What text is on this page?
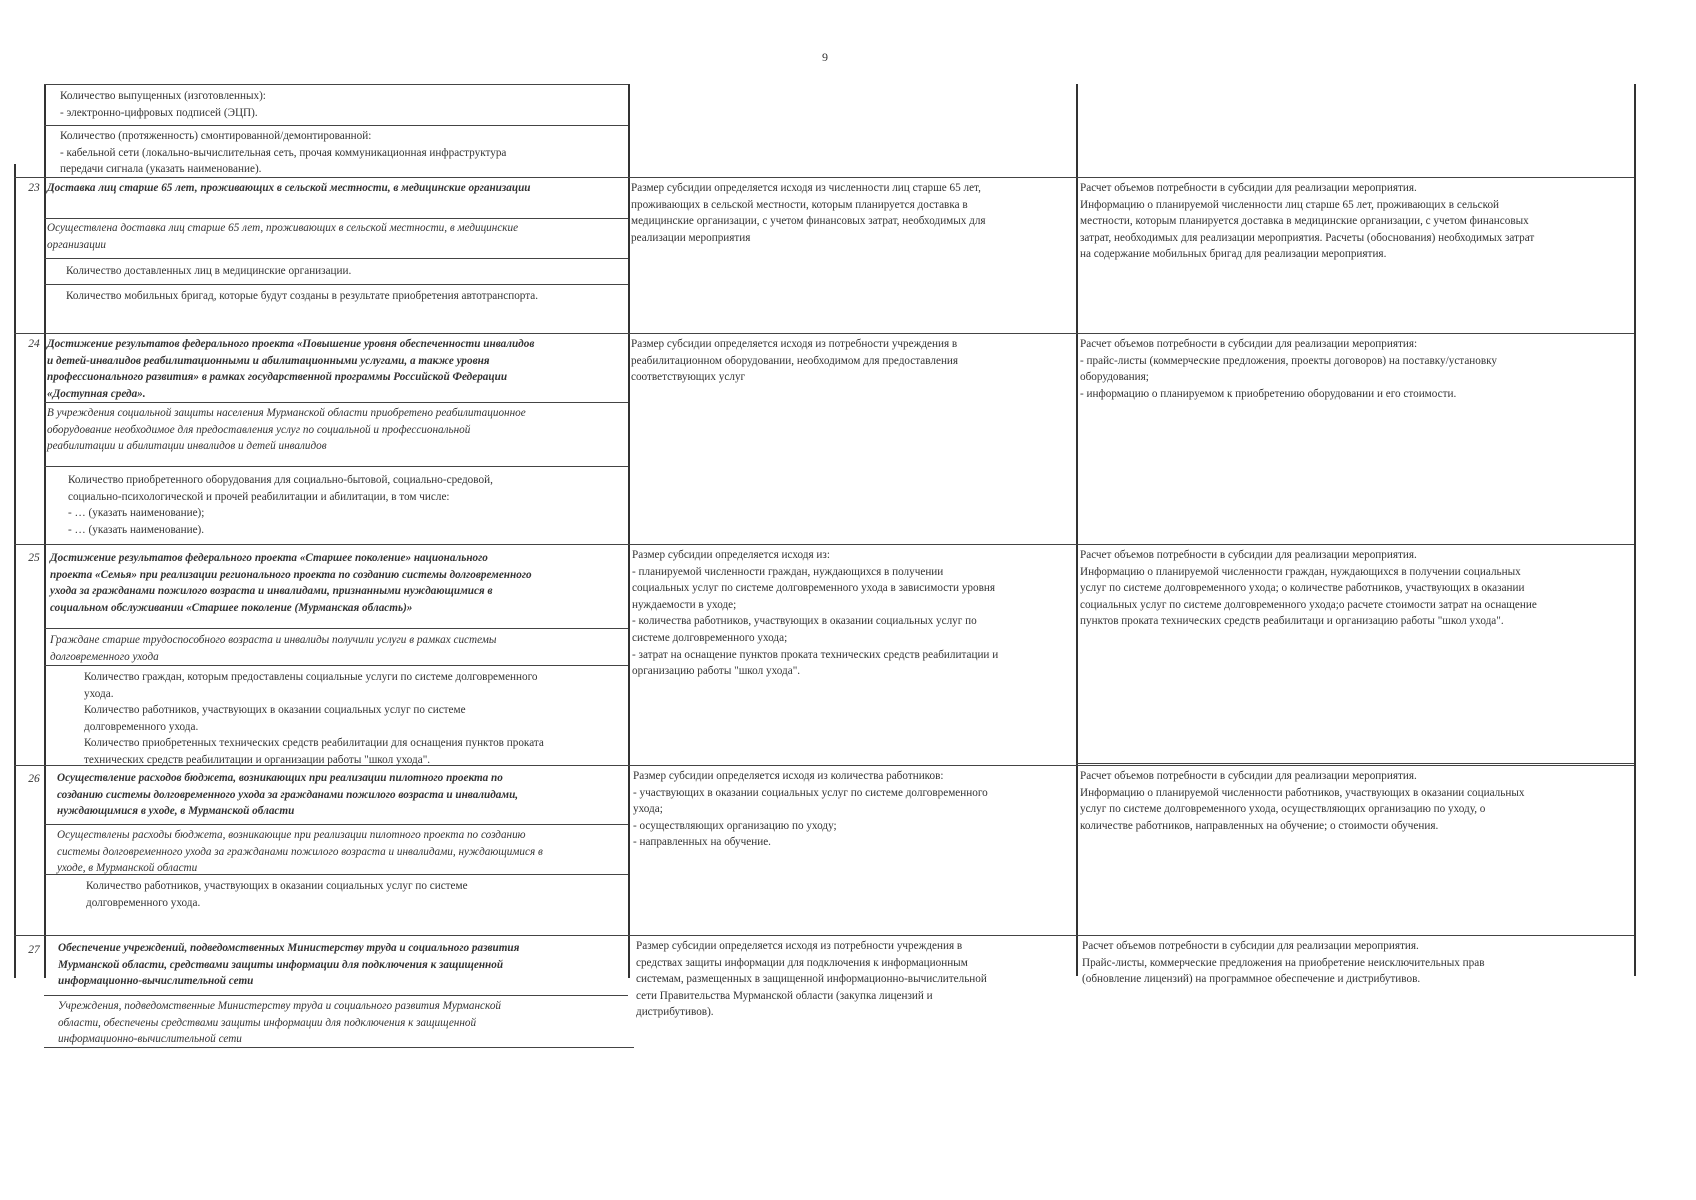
9
Количество выпущенных (изготовленных):
- электронно-цифровых подписей (ЭЦП).
Количество (протяженность) смонтированной/демонтированной:
- кабельной сети (локально-вычислительная сеть, прочая коммуникационная инфраструктура
передачи сигнала (указать наименование).
23 Доставка лиц старше 65 лет, проживающих в сельской местности, в медицинские организации
Осуществлена доставка лиц старше 65 лет, проживающих в сельской местности, в медицинские
организации
Количество доставленных лиц в медицинские организации.
Количество мобильных бригад, которые будут созданы в результате приобретения автотранспорта.
Размер субсидии определяется исходя из численности лиц старше 65 лет,
проживающих в сельской местности, которым планируется доставка в
медицинские организации, с учетом финансовых затрат, необходимых для
реализации мероприятия
Расчет объемов потребности в субсидии для реализации мероприятия.
Информацию о планируемой численности лиц старше 65 лет, проживающих в сельской
местности, которым планируется доставка в медицинские организации, с учетом финансовых
затрат, необходимых для реализации мероприятия. Расчеты (обоснования) необходимых затрат
на содержание мобильных бригад для реализации мероприятия.
24 Достижение результатов федерального проекта «Повышение уровня обеспеченности инвалидов
и детей-инвалидов реабилитационными и абилитационными услугами, а также уровня
профессионального развития» в рамках государственной программы Российской Федерации
«Доступная среда».
В учреждения социальной защиты населения Мурманской области приобретено реабилитационное
оборудование необходимое для предоставления услуг по социальной и профессиональной
реабилитации и абилитации инвалидов и детей инвалидов
Количество приобретенного оборудования для социально-бытовой, социально-средовой,
социально-психологической и прочей реабилитации и абилитации, в том числе:
- … (указать наименование);
- … (указать наименование).
Размер субсидии определяется исходя из потребности учреждения в
реабилитационном оборудовании, необходимом для предоставления
соответствующих услуг
Расчет объемов потребности в субсидии для реализации мероприятия:
- прайс-листы (коммерческие предложения, проекты договоров) на поставку/установку
оборудования;
- информацию о планируемом к приобретению оборудовании и его стоимости.
25 Достижение результатов федерального проекта «Старшее поколение» национального
проекта «Семья» при реализации регионального проекта по созданию системы долговременного
ухода за гражданами пожилого возраста и инвалидами, признанными нуждающимися в
социальном обслуживании «Старшее поколение (Мурманская область)»
Граждане старше трудоспособного возраста и инвалиды получили услуги в рамках системы
долговременного ухода
Количество граждан, которым предоставлены социальные услуги по системе долговременного
ухода.
Количество работников, участвующих в оказании социальных услуг по системе
долговременного ухода.
Количество приобретенных технических средств реабилитации для оснащения пунктов проката
технических средств реабилитации и организации работы "школ ухода".
Размер субсидии определяется исходя из:
- планируемой численности граждан, нуждающихся в получении
социальных услуг по системе долговременного ухода в зависимости уровня
нуждаемости в уходе;
- количества работников, участвующих в оказании социальных услуг по
системе долговременного ухода;
- затрат на оснащение пунктов проката технических средств реабилитации и
организацию работы "школ ухода".
Расчет объемов потребности в субсидии для реализации мероприятия.
Информацию о планируемой численности граждан, нуждающихся в получении социальных
услуг по системе долговременного ухода; о количестве работников, участвующих в оказании
социальных услуг по системе долговременного ухода;о расчете стоимости затрат на оснащение
пунктов проката технических средств реабилитаци и организацию работы "школ ухода".
26	Осуществление расходов бюджета, возникающих при реализации пилотного проекта по
созданию системы долговременного ухода за гражданами пожилого возраста и инвалидами,
нуждающимися в уходе, в Мурманской области
Осуществлены расходы бюджета, возникающие при реализации пилотного проекта по созданию
системы долговременного ухода за гражданами пожилого возраста и инвалидами, нуждающимися в
уходе, в Мурманской области
Количество работников, участвующих в оказании социальных услуг по системе
долговременного ухода.
Размер субсидии определяется исходя из количества работников:
- участвующих в оказании социальных услуг по системе долговременного
ухода;
- осуществляющих организацию по уходу;
- направленных на обучение.
Расчет объемов потребности в субсидии для реализации мероприятия.
Информацию о планируемой численности работников, участвующих в оказании социальных
услуг по системе долговременного ухода, осуществляющих организацию по уходу, о
количестве работников, направленных на обучение; о стоимости обучения.
27	Обеспечение учреждений, подведомственных Министерству труда и социального развития
Мурманской области, средствами защиты информации для подключения к защищенной
информационно-вычислительной сети
Учреждения, подведомственные Министерству труда и социального развития Мурманской
области, обеспечены средствами защиты информации для подключения к защищенной
информационно-вычислительной сети
Размер субсидии определяется исходя из потребности учреждения в
средствах защиты информации для подключения к информационным
системам, размещенных в защищенной информационно-вычислительной
сети Правительства Мурманской области (закупка лицензий и
дистрибутивов).
Расчет объемов потребности в субсидии для реализации мероприятия.
Прайс-листы, коммерческие предложения на приобретение неисключительных прав
(обновление лицензий) на программное обеспечение и дистрибутивов.
